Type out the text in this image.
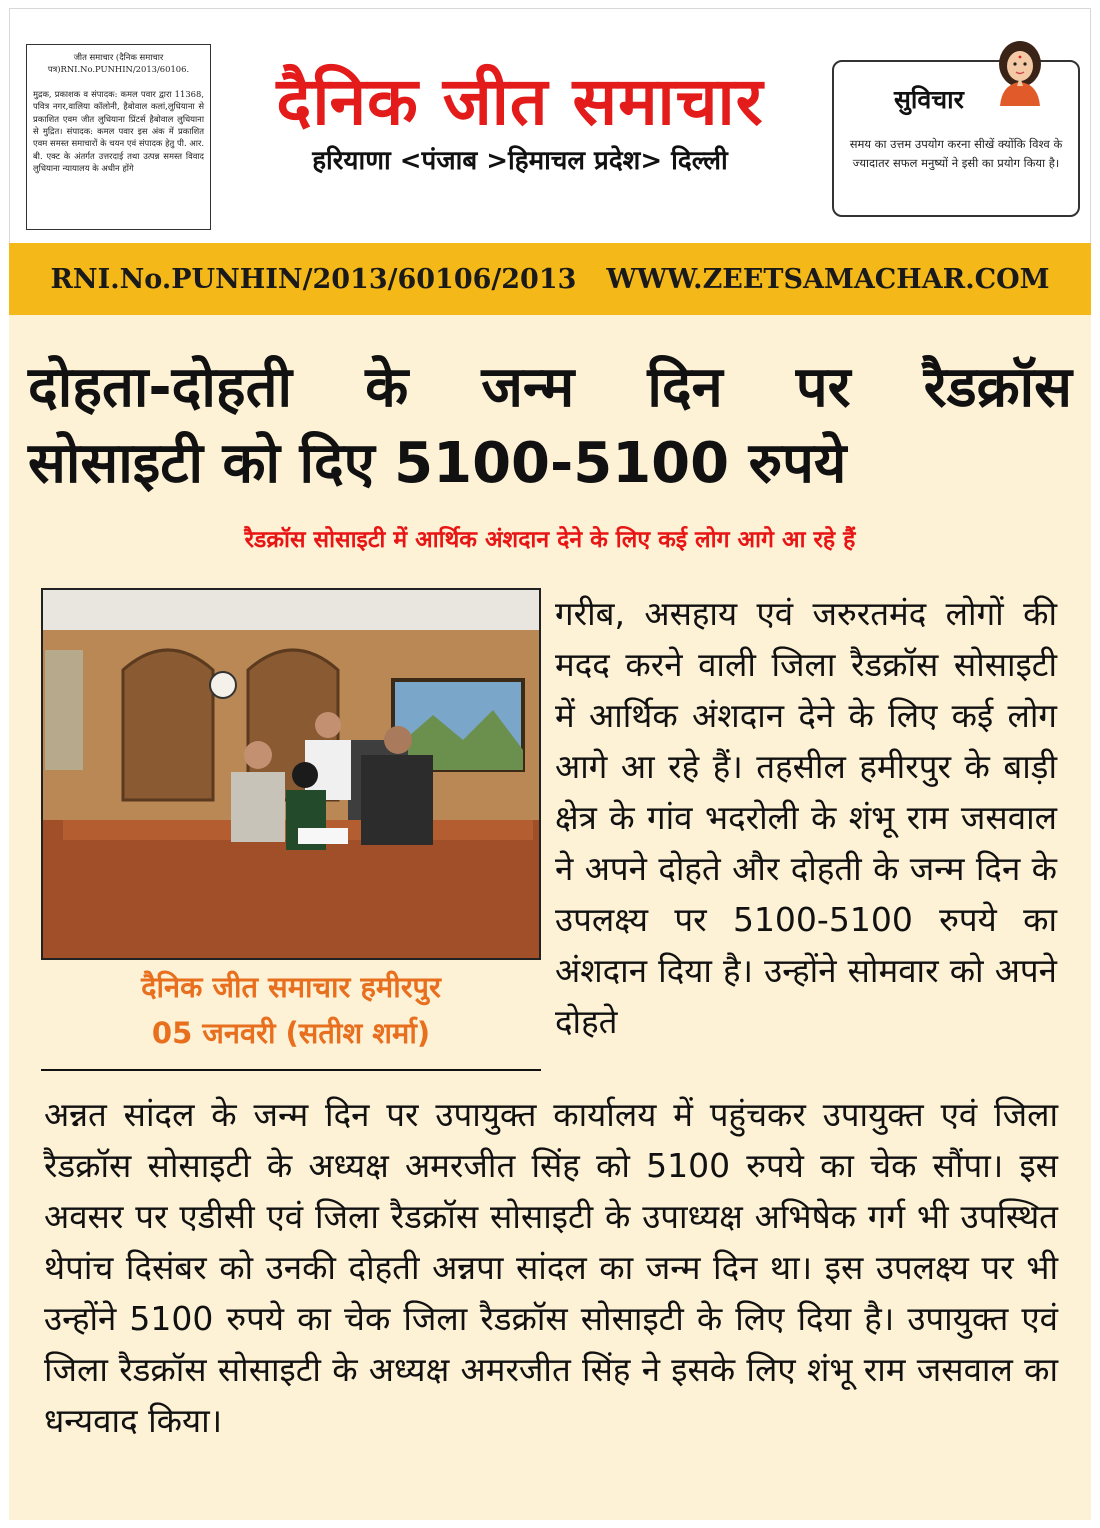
जीत समाचार (दैनिक समाचार पत्र)RNI.No.PUNHIN/2013/60106.
मुद्रक, प्रकाशक व संपादक: कमल पवार द्वारा 11368, पवित्र नगर,वालिया कॉलोनी, हैबोवाल कलां,लुधियाना से प्रकाशित एवम जीत लुधियाना प्रिंटर्स हैबोवाल लुधियाना से मुद्रित। संपादक: कमल पवार इस अंक में प्रकाशित एवम समस्त समाचारों के चयन एवं संपादक हेतु पी. आर. बी. एक्ट के अंतर्गत उत्तरदाई तथा उत्पन्न समस्त विवाद लुधियाना न्यायालय के अधीन होंगे
दैनिक जीत समाचार
हरियाणा <पंजाब >हिमाचल प्रदेश> दिल्ली
सुविचार
समय का उत्तम उपयोग करना सीखें क्योंकि विश्व के ज्यादातर सफल मनुष्यों ने इसी का प्रयोग किया है।
RNI.No.PUNHIN/2013/60106/2013 WWW.ZEETSAMACHAR.COM
दोहता-दोहती के जन्म दिन पर रैडक्रॉस
सोसाइटी को दिए 5100-5100 रुपये
रैडक्रॉस सोसाइटी में आर्थिक अंशदान देने के लिए कई लोग आगे आ रहे हैं
दैनिक जीत समाचार हमीरपुर
05 जनवरी (सतीश शर्मा)
गरीब, असहाय एवं जरुरतमंद लोगों की मदद करने वाली जिला रैडक्रॉस सोसाइटी में आर्थिक अंशदान देने के लिए कई लोग आगे आ रहे हैं। तहसील हमीरपुर के बाड़ी क्षेत्र के गांव भदरोली के शंभू राम जसवाल ने अपने दोहते और दोहती के जन्म दिन के उपलक्ष्य पर 5100-5100 रुपये का अंशदान दिया है। उन्होंने सोमवार को अपने दोहते
अन्नत सांदल के जन्म दिन पर उपायुक्त कार्यालय में पहुंचकर उपायुक्त एवं जिला रैडक्रॉस सोसाइटी के अध्यक्ष अमरजीत सिंह को 5100 रुपये का चेक सौंपा। इस अवसर पर एडीसी एवं जिला रैडक्रॉस सोसाइटी के उपाध्यक्ष अभिषेक गर्ग भी उपस्थित थेपांच दिसंबर को उनकी दोहती अन्नपा सांदल का जन्म दिन था। इस उपलक्ष्य पर भी उन्होंने 5100 रुपये का चेक जिला रैडक्रॉस सोसाइटी के लिए दिया है। उपायुक्त एवं जिला रैडक्रॉस सोसाइटी के अध्यक्ष अमरजीत सिंह ने इसके लिए शंभू राम जसवाल का धन्यवाद किया।
